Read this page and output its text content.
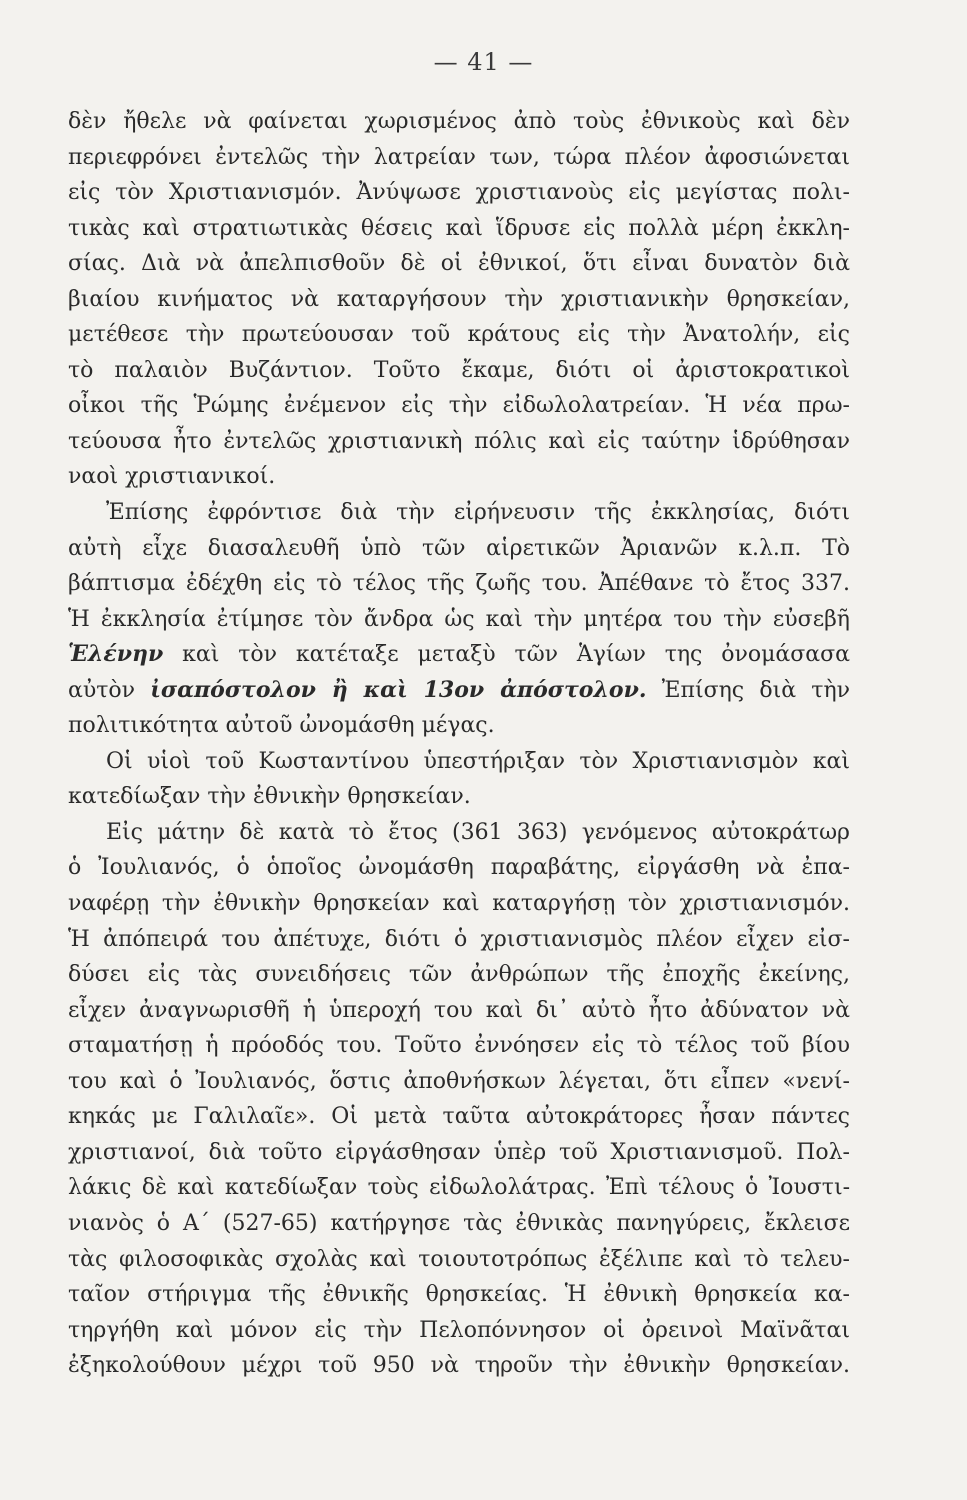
— 41 —
δὲν ἤθελε νὰ φαίνεται χωρισμένος ἀπὸ τοὺς ἐθνικοὺς καὶ δὲν
περιεφρόνει ἐντελῶς τὴν λατρείαν των, τώρα πλέον ἀφοσιώνεται
εἰς τὸν Χριστιανισμόν. Ἀνύψωσε χριστιανοὺς εἰς μεγίστας πολι-
τικὰς καὶ στρατιωτικὰς θέσεις καὶ ἵδρυσε εἰς πολλὰ μέρη ἐκκλη-
σίας. Διὰ νὰ ἀπελπισθοῦν δὲ οἱ ἐθνικοί, ὅτι εἶναι δυνατὸν διὰ
βιαίου κινήματος νὰ καταργήσουν τὴν χριστιανικὴν θρησκείαν,
μετέθεσε τὴν πρωτεύουσαν τοῦ κράτους εἰς τὴν Ἀνατολήν, εἰς
τὸ παλαιὸν Βυζάντιον. Τοῦτο ἔκαμε, διότι οἱ ἀριστοκρατικοὶ
οἶκοι τῆς Ῥώμης ἐνέμενον εἰς τὴν εἰδωλολατρείαν. Ἡ νέα πρω-
τεύουσα ἦτο ἐντελῶς χριστιανικὴ πόλις καὶ εἰς ταύτην ἱδρύθησαν
ναοὶ χριστιανικοί.
Ἐπίσης ἐφρόντισε διὰ τὴν εἰρήνευσιν τῆς ἐκκλησίας, διότι
αὐτὴ εἶχε διασαλευθῆ ὑπὸ τῶν αἱρετικῶν Ἀριανῶν κ.λ.π. Τὸ
βάπτισμα ἐδέχθη εἰς τὸ τέλος τῆς ζωῆς του. Ἀπέθανε τὸ ἔτος 337.
Ἡ ἐκκλησία ἐτίμησε τὸν ἄνδρα ὡς καὶ τὴν μητέρα του τὴν εὐσεβῆ
Ἑλένην καὶ τὸν κατέταξε μεταξὺ τῶν Ἁγίων της ὀνομάσασα
αὐτὸν ἰσαπόστολον ἢ καὶ 13ον ἀπόστολον. Ἐπίσης διὰ τὴν
πολιτικότητα αὐτοῦ ὠνομάσθη μέγας.
Οἱ υἱοὶ τοῦ Κωσταντίνου ὑπεστήριξαν τὸν Χριστιανισμὸν καὶ
κατεδίωξαν τὴν ἐθνικὴν θρησκείαν.
Εἰς μάτην δὲ κατὰ τὸ ἔτος (361 363) γενόμενος αὐτοκράτωρ
ὁ Ἰουλιανός, ὁ ὁποῖος ὠνομάσθη παραβάτης, εἰργάσθη νὰ ἐπα-
ναφέρῃ τὴν ἐθνικὴν θρησκείαν καὶ καταργήσῃ τὸν χριστιανισμόν.
Ἡ ἀπόπειρά του ἀπέτυχε, διότι ὁ χριστιανισμὸς πλέον εἶχεν εἰσ-
δύσει εἰς τὰς συνειδήσεις τῶν ἀνθρώπων τῆς ἐποχῆς ἐκείνης,
εἶχεν ἀναγνωρισθῆ ἡ ὑπεροχή του καὶ δι᾽ αὐτὸ ἦτο ἀδύνατον νὰ
σταματήσῃ ἡ πρόοδός του. Τοῦτο ἐννόησεν εἰς τὸ τέλος τοῦ βίου
του καὶ ὁ Ἰουλιανός, ὅστις ἀποθνήσκων λέγεται, ὅτι εἶπεν «νενί-
κηκάς με Γαλιλαῖε». Οἱ μετὰ ταῦτα αὐτοκράτορες ἦσαν πάντες
χριστιανοί, διὰ τοῦτο εἰργάσθησαν ὑπὲρ τοῦ Χριστιανισμοῦ. Πολ-
λάκις δὲ καὶ κατεδίωξαν τοὺς εἰδωλολάτρας. Ἐπὶ τέλους ὁ Ἰουστι-
νιανὸς ὁ Α΄ (527-65) κατήργησε τὰς ἐθνικὰς πανηγύρεις, ἔκλεισε
τὰς φιλοσοφικὰς σχολὰς καὶ τοιουτοτρόπως ἐξέλιπε καὶ τὸ τελευ-
ταῖον στήριγμα τῆς ἐθνικῆς θρησκείας. Ἡ ἐθνικὴ θρησκεία κα-
τηργήθη καὶ μόνον εἰς τὴν Πελοπόννησον οἱ ὀρεινοὶ Μαϊνᾶται
ἐξηκολούθουν μέχρι τοῦ 950 νὰ τηροῦν τὴν ἐθνικὴν θρησκείαν.
